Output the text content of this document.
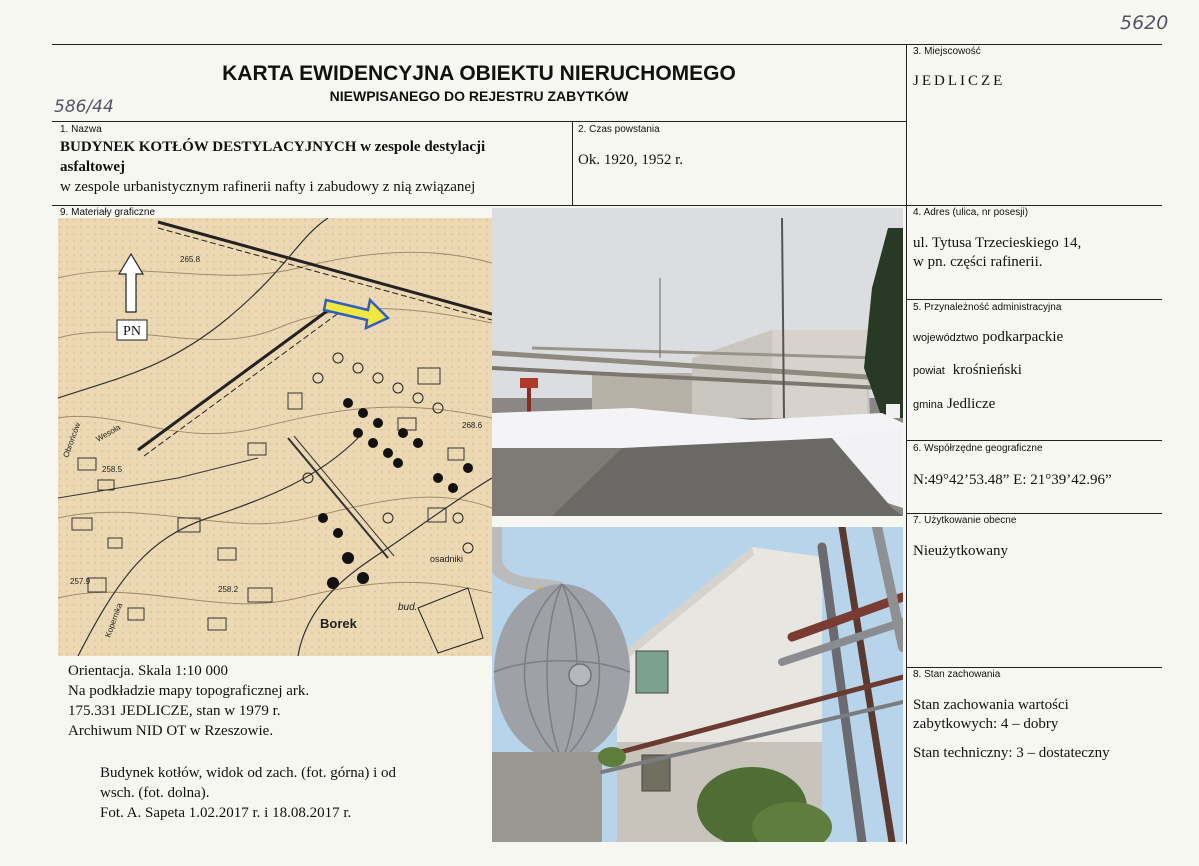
5620
586/44
KARTA EWIDENCYJNA OBIEKTU NIERUCHOMEGO
NIEWPISANEGO DO REJESTRU ZABYTKÓW
1. Nazwa
BUDYNEK KOTŁÓW DESTYLACYJNYCH w zespole destylacji
asfaltowej
w zespole urbanistycznym rafinerii nafty i zabudowy z nią związanej
2. Czas powstania
Ok. 1920, 1952 r.
3. Miejscowość
JEDLICZE
4. Adres (ulica, nr posesji)
ul. Tytusa Trzecieskiego 14,
w pn. części rafinerii.
5. Przynależność administracyjna
województwo podkarpackie
powiat krośnieński
gmina Jedlicze
6. Współrzędne geograficzne
N:49°42’53.48” E: 21°39’42.96”
7. Użytkowanie obecne
Nieużytkowany
8. Stan zachowania
Stan zachowania wartości
zabytkowych: 4 – dobry
Stan techniczny: 3 – dostateczny
9. Materiały graficzne
PN
265.8
268.6
258.5
257.9
258.2
Wesoła
Borek
bud.
osadniki
Obrońców
Kopernika
Orientacja. Skala 1:10 000
Na podkładzie mapy topograficznej ark.
175.331 JEDLICZE, stan w 1979 r.
Archiwum NID OT w Rzeszowie.
Budynek kotłów, widok od zach. (fot. górna) i od
wsch. (fot. dolna).
Fot. A. Sapeta 1.02.2017 r. i 18.08.2017 r.
